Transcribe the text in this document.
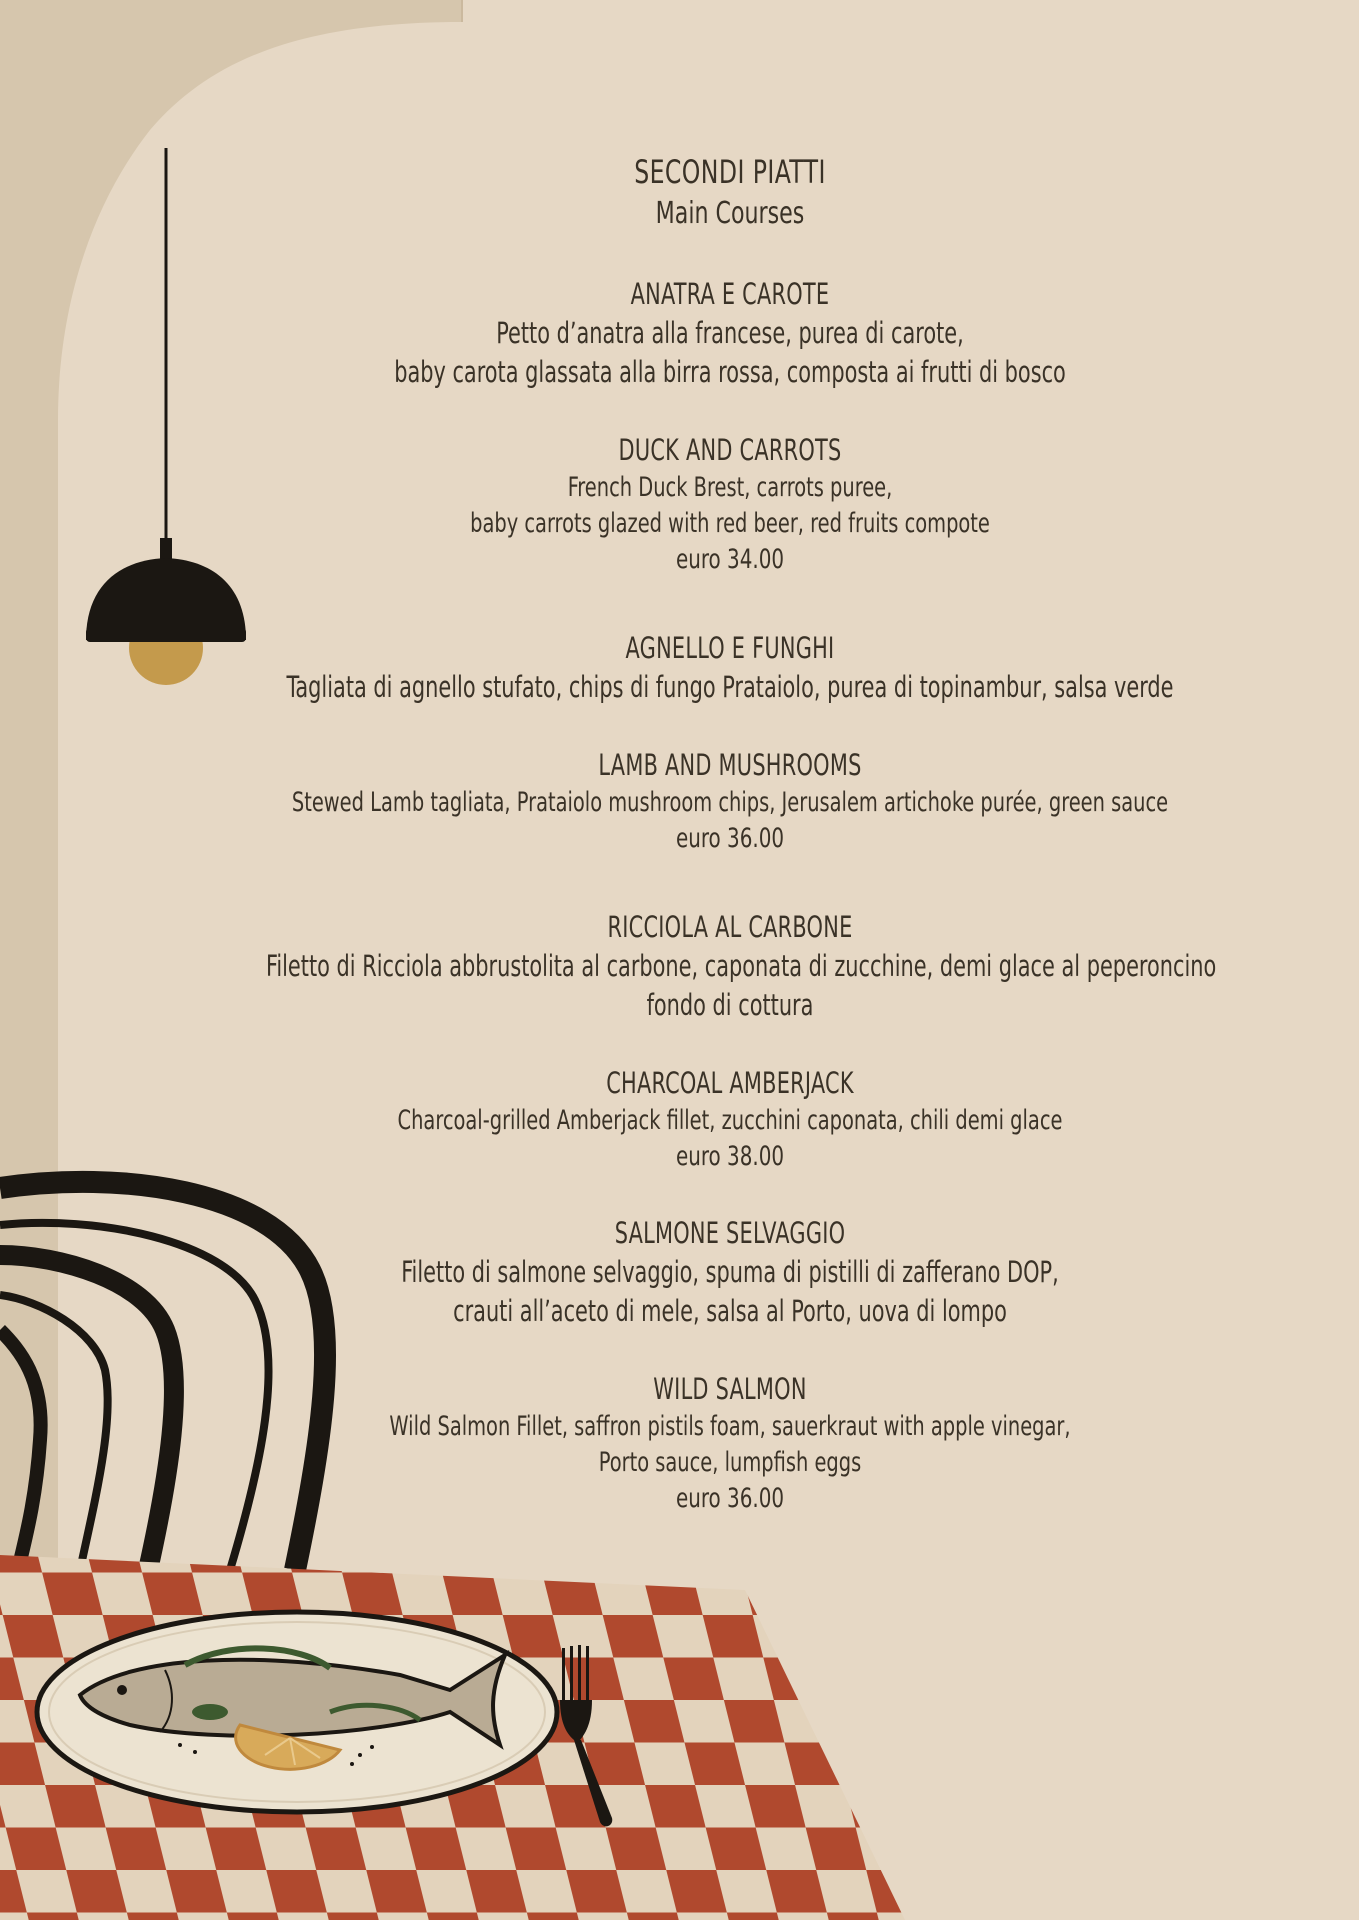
SECONDI PIATTI
Main Courses
ANATRA E CAROTE
Petto d’anatra alla francese, purea di carote,
baby carota glassata alla birra rossa, composta ai frutti di bosco
DUCK AND CARROTS
French Duck Brest, carrots puree,
baby carrots glazed with red beer, red fruits compote
euro 34.00
AGNELLO E FUNGHI
Tagliata di agnello stufato, chips di fungo Prataiolo, purea di topinambur, salsa verde
LAMB AND MUSHROOMS
Stewed Lamb tagliata, Prataiolo mushroom chips, Jerusalem artichoke purée, green sauce
euro 36.00
RICCIOLA AL CARBONE
Filetto di Ricciola abbrustolita al carbone, caponata di zucchine, demi glace al peperoncino
fondo di cottura
CHARCOAL AMBERJACK
Charcoal-grilled Amberjack fillet, zucchini caponata, chili demi glace
euro 38.00
SALMONE SELVAGGIO
Filetto di salmone selvaggio, spuma di pistilli di zafferano DOP,
crauti all’aceto di mele, salsa al Porto, uova di lompo
WILD SALMON
Wild Salmon Fillet, saffron pistils foam, sauerkraut with apple vinegar,
Porto sauce, lumpfish eggs
euro 36.00
